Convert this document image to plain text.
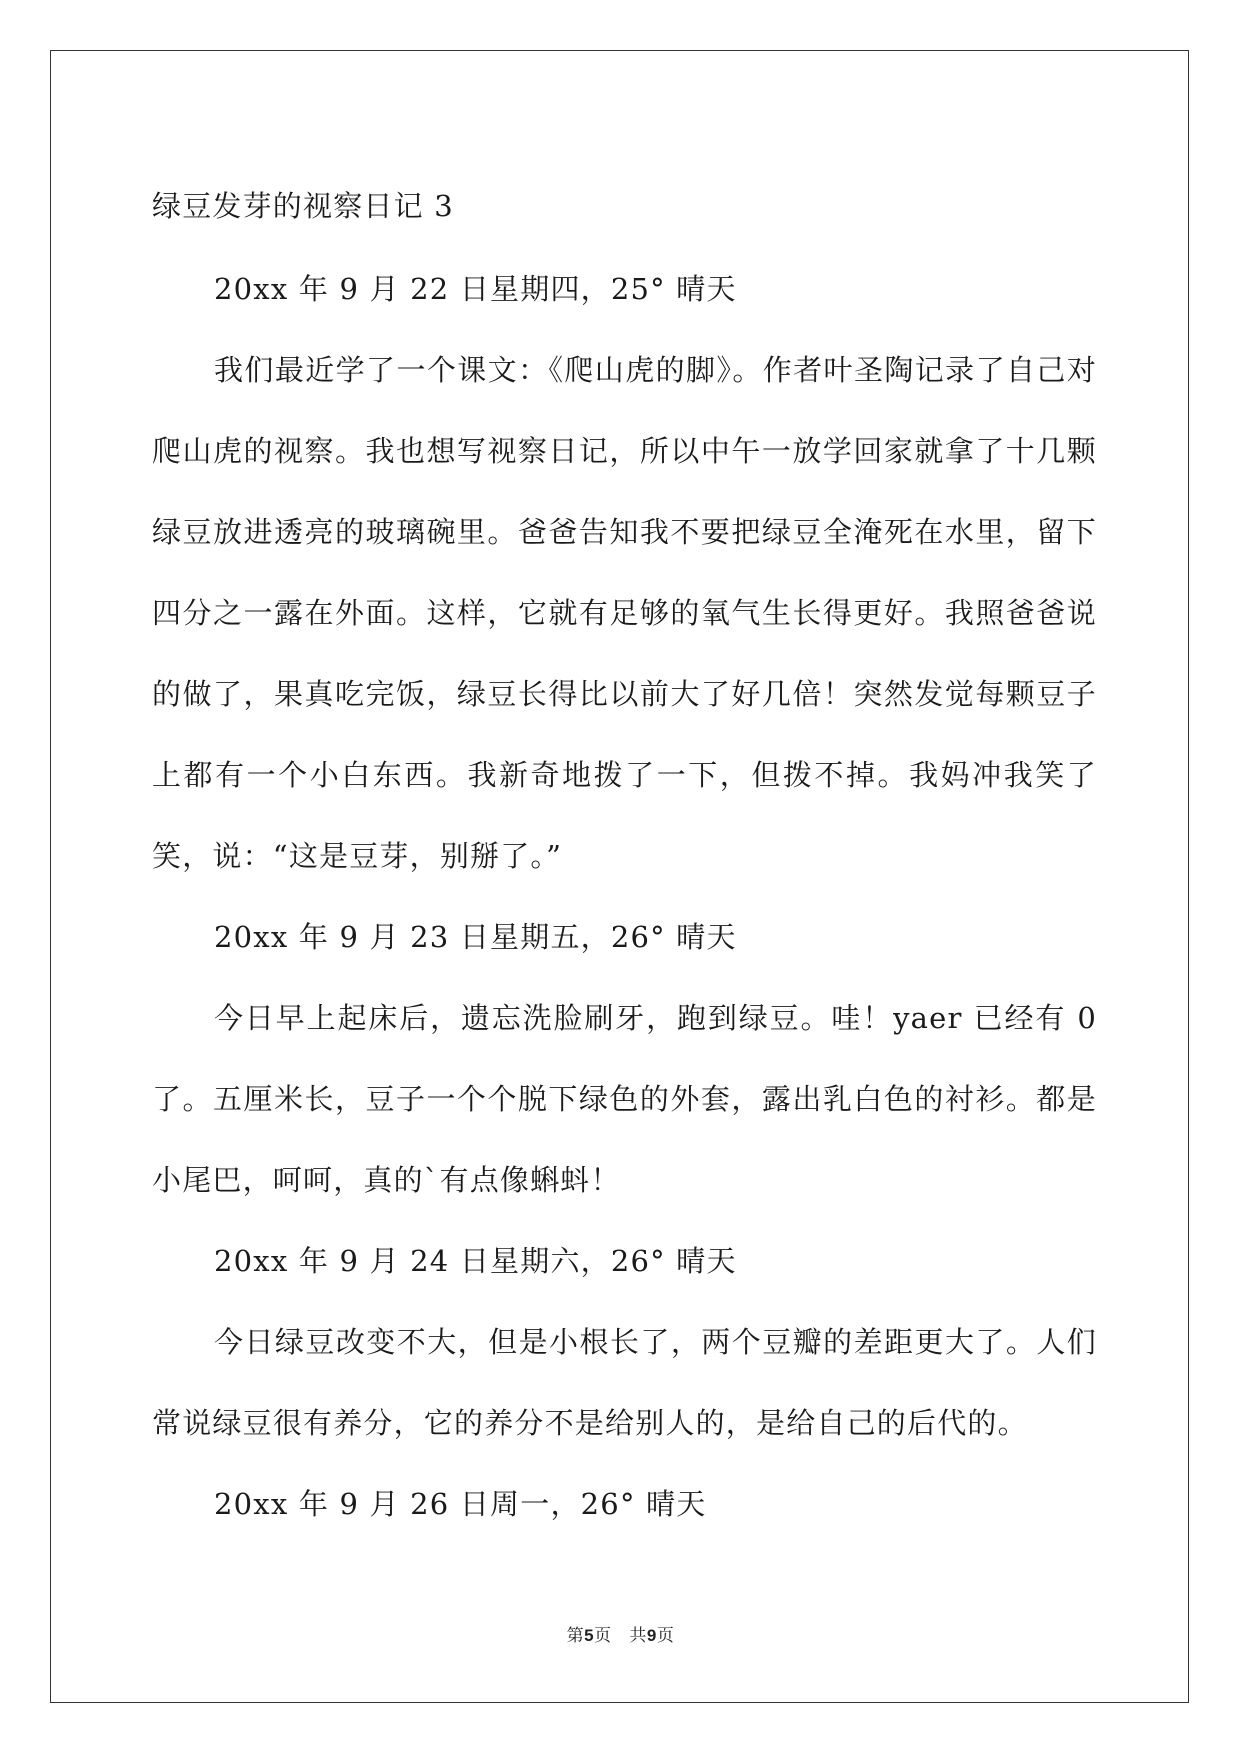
绿豆发芽的视察日记 3

20xx 年 9 月 22 日星期四，25° 晴天

我们最近学了一个课文：《爬山虎的脚》。作者叶圣陶记录了自己对爬山虎的视察。我也想写视察日记，所以中午一放学回家就拿了十几颗绿豆放进透亮的玻璃碗里。爸爸告知我不要把绿豆全淹死在水里，留下四分之一露在外面。这样，它就有足够的氧气生长得更好。我照爸爸说的做了，果真吃完饭，绿豆长得比以前大了好几倍！突然发觉每颗豆子上都有一个小白东西。我新奇地拨了一下，但拨不掉。我妈冲我笑了笑，说：“这是豆芽，别掰了。”

20xx 年 9 月 23 日星期五，26° 晴天

今日早上起床后，遗忘洗脸刷牙，跑到绿豆。哇！yaer 已经有 0 了。五厘米长，豆子一个个脱下绿色的外套，露出乳白色的衬衫。都是小尾巴，呵呵，真的`有点像蝌蚪！

20xx 年 9 月 24 日星期六，26° 晴天

今日绿豆改变不大，但是小根长了，两个豆瓣的差距更大了。人们常说绿豆很有养分，它的养分不是给别人的，是给自己的后代的。

20xx 年 9 月 26 日周一，26° 晴天

第5页   共9页
